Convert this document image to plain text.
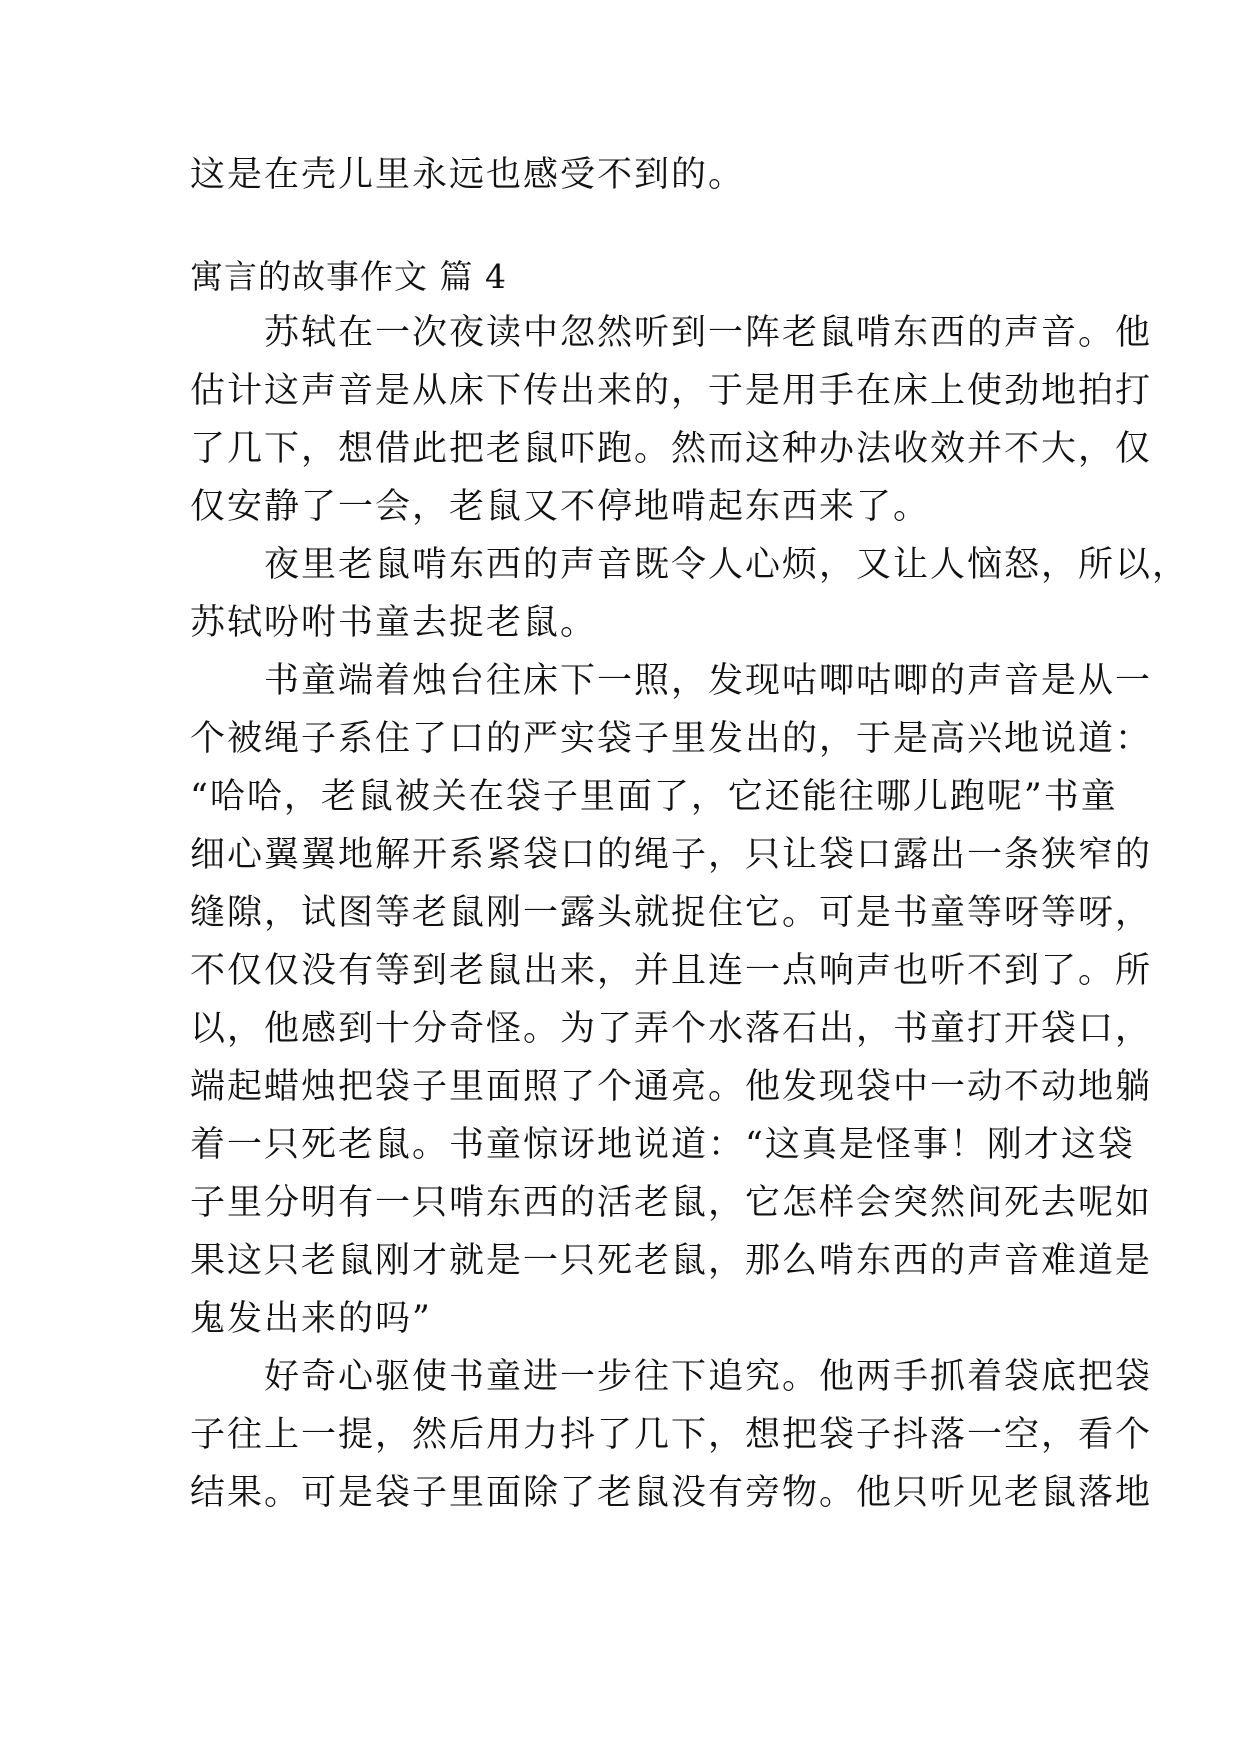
这是在壳儿里永远也感受不到的。
寓言的故事作文 篇 4
　　苏轼在一次夜读中忽然听到一阵老鼠啃东西的声音。他
估计这声音是从床下传出来的，于是用手在床上使劲地拍打
了几下，想借此把老鼠吓跑。然而这种办法收效并不大，仅
仅安静了一会，老鼠又不停地啃起东西来了。
　　夜里老鼠啃东西的声音既令人心烦，又让人恼怒，所以，
苏轼吩咐书童去捉老鼠。
　　书童端着烛台往床下一照，发现咕唧咕唧的声音是从一
个被绳子系住了口的严实袋子里发出的，于是高兴地说道：
“哈哈，老鼠被关在袋子里面了，它还能往哪儿跑呢”书童
细心翼翼地解开系紧袋口的绳子，只让袋口露出一条狭窄的
缝隙，试图等老鼠刚一露头就捉住它。可是书童等呀等呀，
不仅仅没有等到老鼠出来，并且连一点响声也听不到了。所
以，他感到十分奇怪。为了弄个水落石出，书童打开袋口，
端起蜡烛把袋子里面照了个通亮。他发现袋中一动不动地躺
着一只死老鼠。书童惊讶地说道：“这真是怪事！刚才这袋
子里分明有一只啃东西的活老鼠，它怎样会突然间死去呢如
果这只老鼠刚才就是一只死老鼠，那么啃东西的声音难道是
鬼发出来的吗”
　　好奇心驱使书童进一步往下追究。他两手抓着袋底把袋
子往上一提，然后用力抖了几下，想把袋子抖落一空，看个
结果。可是袋子里面除了老鼠没有旁物。他只听见老鼠落地
